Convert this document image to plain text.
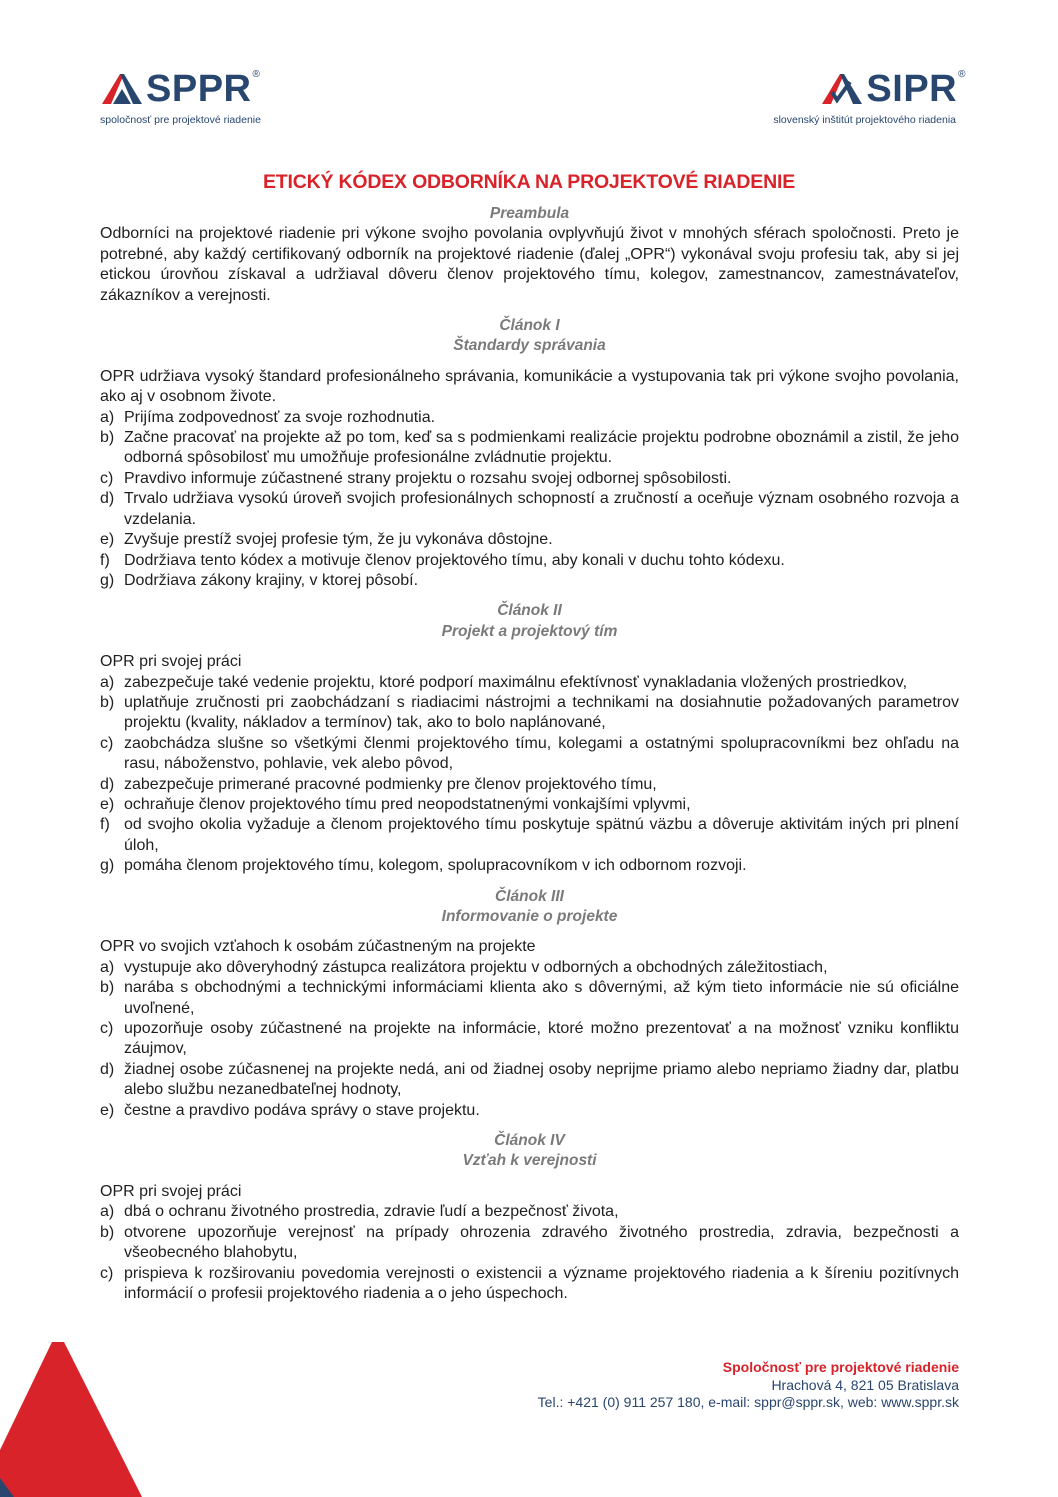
SPPR®
spoločnosť pre projektové riadenie
SIPR®
slovenský inštitút projektového riadenia
ETICKÝ KÓDEX ODBORNÍKA NA PROJEKTOVÉ RIADENIE
Preambula
Odborníci na projektové riadenie pri výkone svojho povolania ovplyvňujú život v mnohých sférach spoločnosti. Preto je potrebné, aby každý certifikovaný odborník na projektové riadenie (ďalej „OPR“) vykonával svoju profesiu tak, aby si jej etickou úrovňou získaval a udržiaval dôveru členov projektového tímu, kolegov, zamestnancov, zamestnávateľov, zákazníkov a verejnosti.
Článok I
Štandardy správania
OPR udržiava vysoký štandard profesionálneho správania, komunikácie a vystupovania tak pri výkone svojho povolania, ako aj v osobnom živote.
a) Prijíma zodpovednosť za svoje rozhodnutia.
b) Začne pracovať na projekte až po tom, keď sa s podmienkami realizácie projektu podrobne oboznámil a zistil, že jeho odborná spôsobilosť mu umožňuje profesionálne zvládnutie projektu.
c) Pravdivo informuje zúčastnené strany projektu o rozsahu svojej odbornej spôsobilosti.
d) Trvalo udržiava vysokú úroveň svojich profesionálnych schopností a zručností a oceňuje význam osobného rozvoja a vzdelania.
e) Zvyšuje prestíž svojej profesie tým, že ju vykonáva dôstojne.
f) Dodržiava tento kódex a motivuje členov projektového tímu, aby konali v duchu tohto kódexu.
g) Dodržiava zákony krajiny, v ktorej pôsobí.
Článok II
Projekt a projektový tím
OPR pri svojej práci
a) zabezpečuje také vedenie projektu, ktoré podporí maximálnu efektívnosť vynakladania vložených prostriedkov,
b) uplatňuje zručnosti pri zaobchádzaní s riadiacimi nástrojmi a technikami na dosiahnutie požadovaných parametrov projektu (kvality, nákladov a termínov) tak, ako to bolo naplánované,
c) zaobchádza slušne so všetkými členmi projektového tímu, kolegami a ostatnými spolupracovníkmi bez ohľadu na rasu, náboženstvo, pohlavie, vek alebo pôvod,
d) zabezpečuje primerané pracovné podmienky pre členov projektového tímu,
e) ochraňuje členov projektového tímu pred neopodstatnenými vonkajšími vplyvmi,
f) od svojho okolia vyžaduje a členom projektového tímu poskytuje spätnú väzbu a dôveruje aktivitám iných pri plnení úloh,
g) pomáha členom projektového tímu, kolegom, spolupracovníkom v ich odbornom rozvoji.
Článok III
Informovanie o projekte
OPR vo svojich vzťahoch k osobám zúčastneným na projekte
a) vystupuje ako dôveryhodný zástupca realizátora projektu v odborných a obchodných záležitostiach,
b) narába s obchodnými a technickými informáciami klienta ako s dôvernými, až kým tieto informácie nie sú oficiálne uvoľnené,
c) upozorňuje osoby zúčastnené na projekte na informácie, ktoré možno prezentovať a na možnosť vzniku konfliktu záujmov,
d) žiadnej osobe zúčasnenej na projekte nedá, ani od žiadnej osoby neprijme priamo alebo nepriamo žiadny dar, platbu alebo službu nezanedbateľnej hodnoty,
e) čestne a pravdivo podáva správy o stave projektu.
Článok IV
Vzťah k verejnosti
OPR pri svojej práci
a) dbá o ochranu životného prostredia, zdravie ľudí a bezpečnosť života,
b) otvorene upozorňuje verejnosť na prípady ohrozenia zdravého životného prostredia, zdravia, bezpečnosti a všeobecného blahobytu,
c) prispieva k rozširovaniu povedomia verejnosti o existencii a význame projektového riadenia a k šíreniu pozitívnych informácií o profesii projektového riadenia a o jeho úspechoch.
Spoločnosť pre projektové riadenie
Hrachová 4, 821 05 Bratislava
Tel.: +421 (0) 911 257 180, e-mail: sppr@sppr.sk, web: www.sppr.sk
